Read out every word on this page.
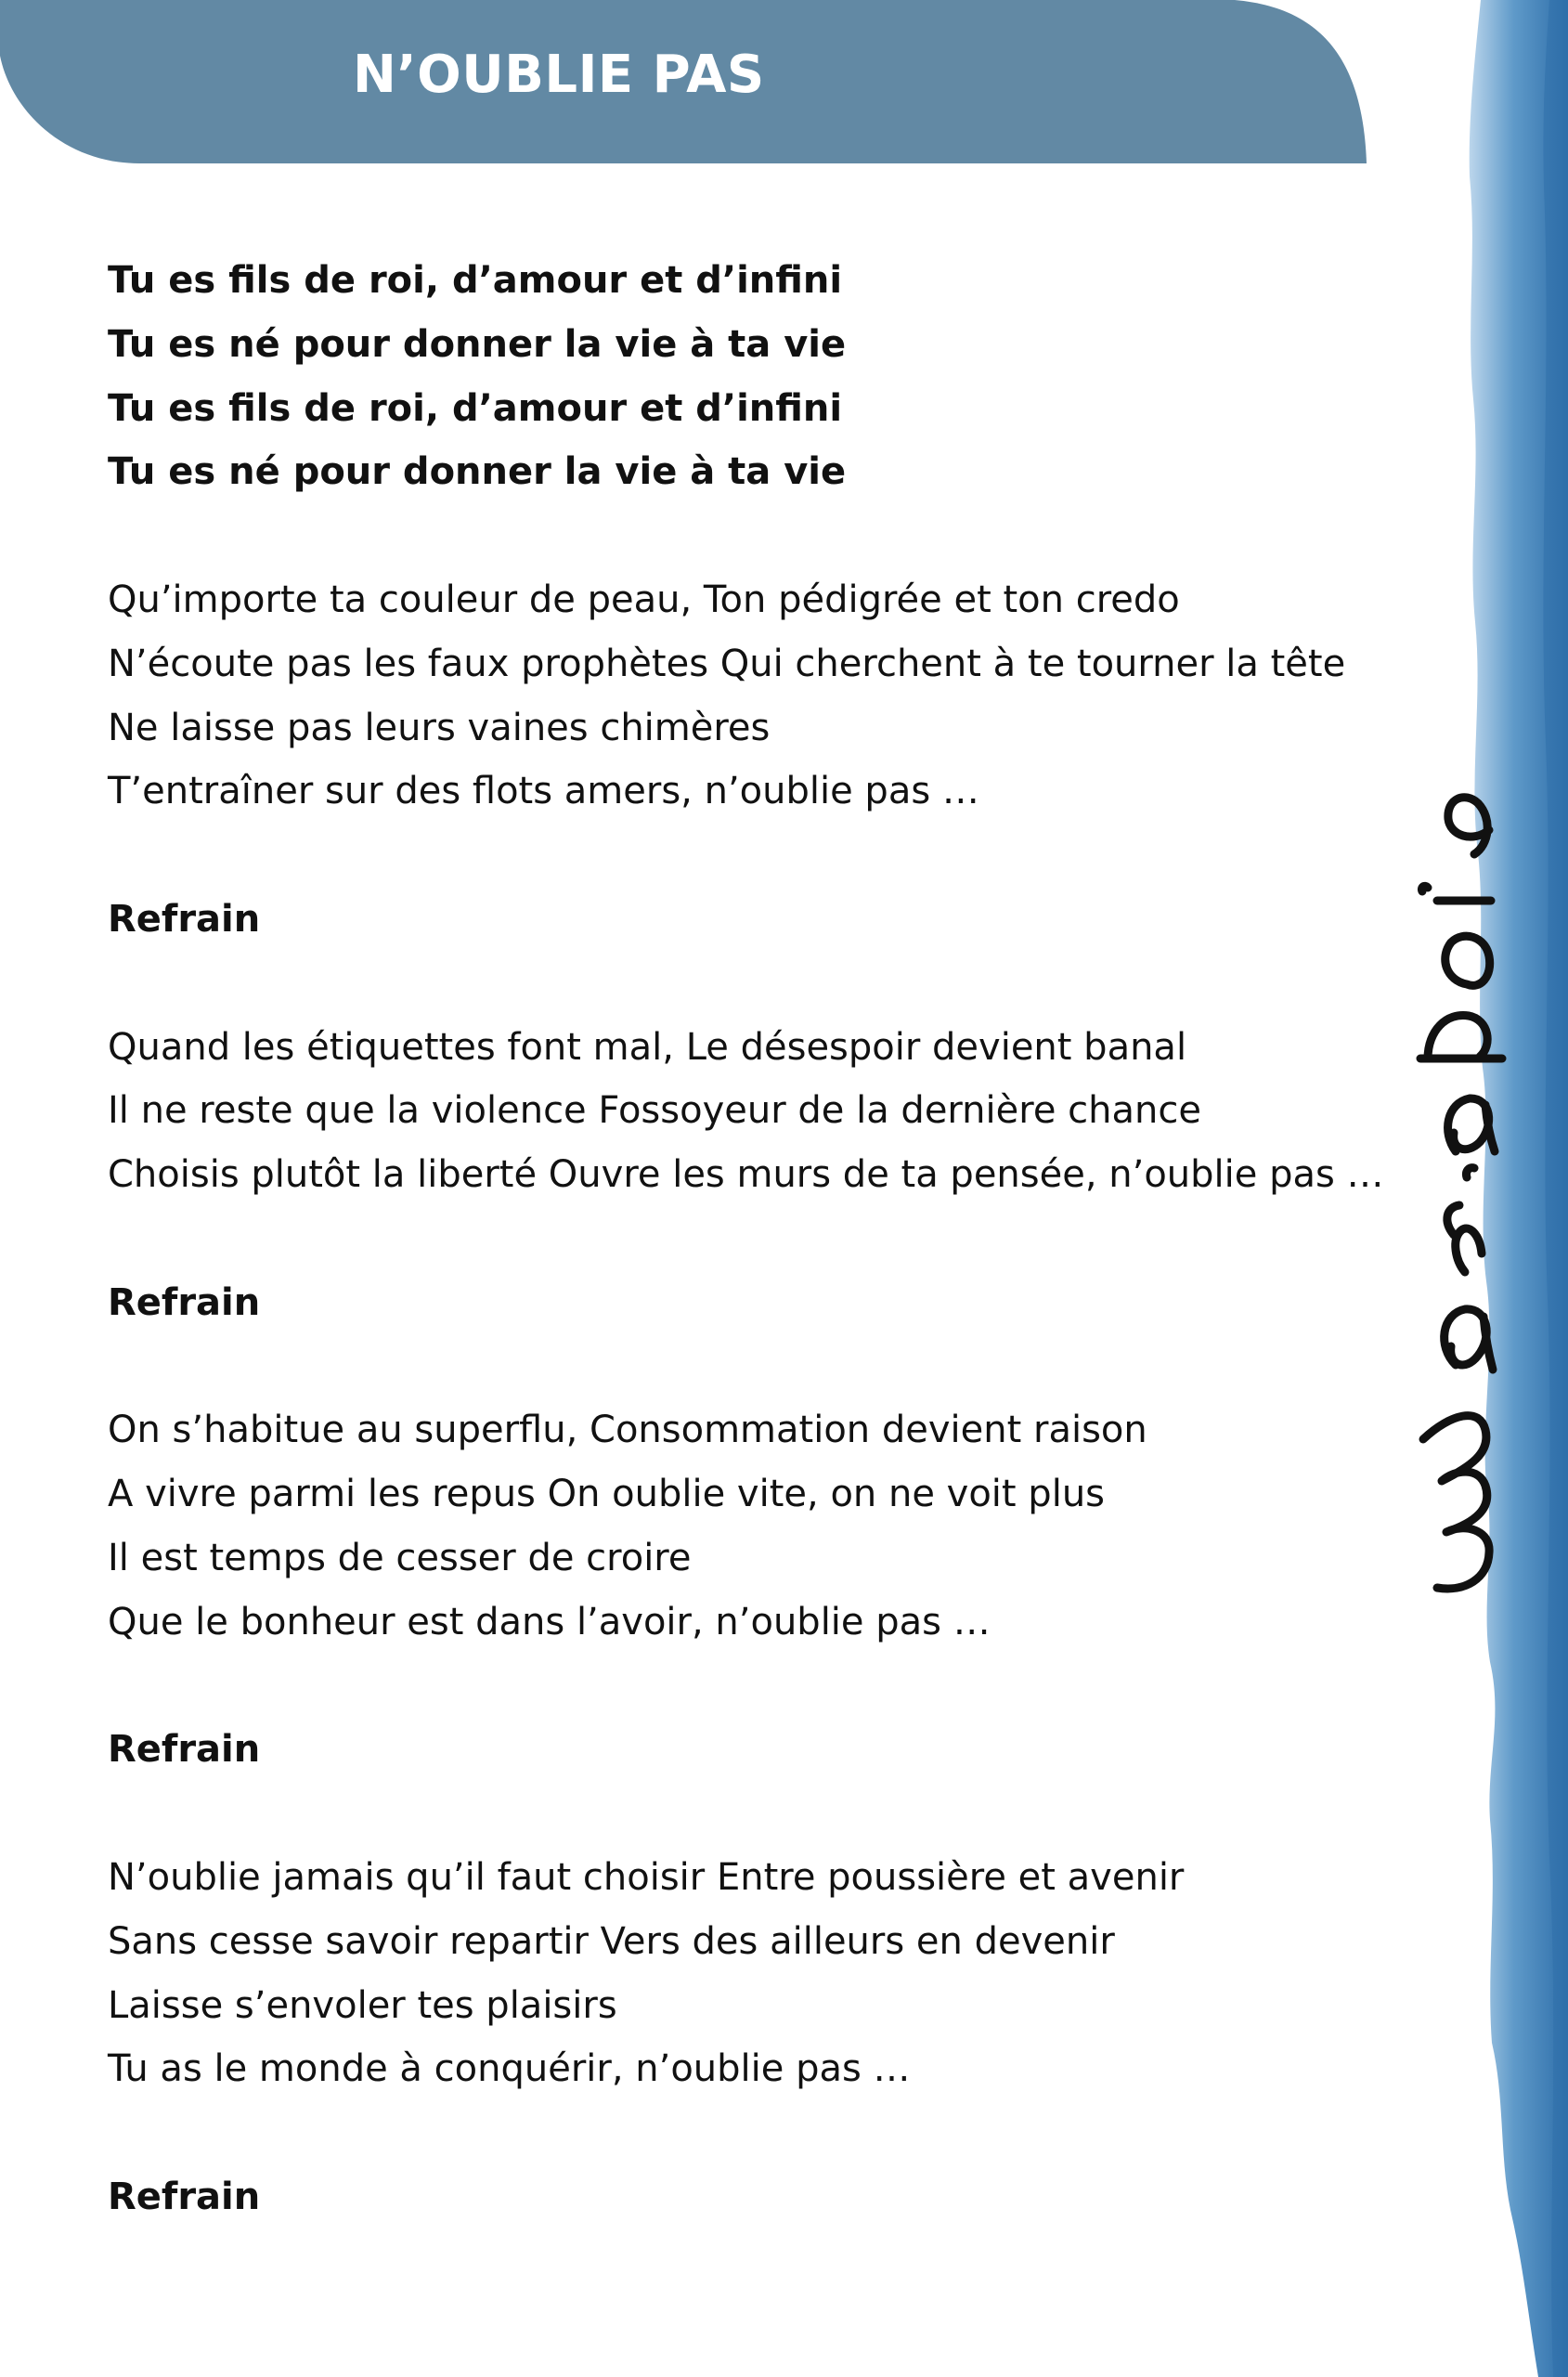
N’OUBLIE PAS
Tu es fils de roi, d’amour et d’infini
Tu es né pour donner la vie à ta vie
Tu es fils de roi, d’amour et d’infini
Tu es né pour donner la vie à ta vie
Qu’importe ta couleur de peau, Ton pédigrée et ton credo
N’écoute pas les faux prophètes Qui cherchent à te tourner la tête
Ne laisse pas leurs vaines chimères
T’entraîner sur des flots amers, n’oublie pas …
Refrain
Quand les étiquettes font mal, Le désespoir devient banal
Il ne reste que la violence Fossoyeur de la dernière chance
Choisis plutôt la liberté Ouvre les murs de ta pensée, n’oublie pas …
Refrain
On s’habitue au superflu, Consommation devient raison
A vivre parmi les repus On oublie vite, on ne voit plus
Il est temps de cesser de croire
Que le bonheur est dans l’avoir, n’oublie pas …
Refrain
N’oublie jamais qu’il faut choisir Entre poussière et avenir
Sans cesse savoir repartir Vers des ailleurs en devenir
Laisse s’envoler tes plaisirs
Tu as le monde à conquérir, n’oublie pas …
Refrain
